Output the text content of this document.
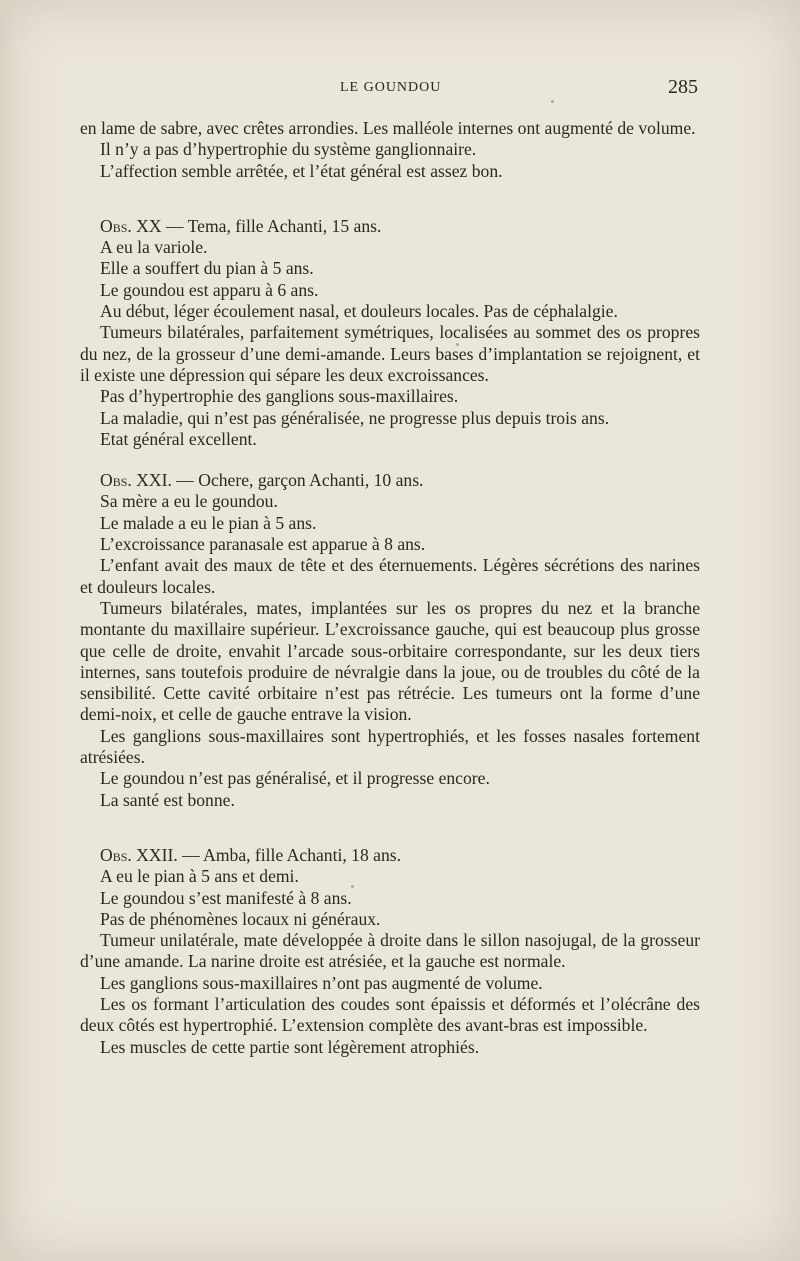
LE GOUNDOU	285

en lame de sabre, avec crêtes arrondies. Les malléole internes ont augmenté de volume.

Il n’y a pas d’hypertrophie du système ganglionnaire.

L’affection semble arrêtée, et l’état général est assez bon.

Obs. XX — Tema, fille Achanti, 15 ans.

A eu la variole.

Elle a souffert du pian à 5 ans.

Le goundou est apparu à 6 ans.

Au début, léger écoulement nasal, et douleurs locales. Pas de céphalalgie.

Tumeurs bilatérales, parfaitement symétriques, localisées au sommet des os propres du nez, de la grosseur d’une demi-amande. Leurs bases d’implantation se rejoignent, et il existe une dépression qui sépare les deux excroissances.

Pas d’hypertrophie des ganglions sous-maxillaires.

La maladie, qui n’est pas généralisée, ne progresse plus depuis trois ans.

Etat général excellent.

Obs. XXI. — Ochere, garçon Achanti, 10 ans.

Sa mère a eu le goundou.

Le malade a eu le pian à 5 ans.

L’excroissance paranasale est apparue à 8 ans.

L’enfant avait des maux de tête et des éternuements. Légères sécrétions des narines et douleurs locales.

Tumeurs bilatérales, mates, implantées sur les os propres du nez et la branche montante du maxillaire supérieur. L’excroissance gauche, qui est beaucoup plus grosse que celle de droite, envahit l’arcade sous-orbitaire correspondante, sur les deux tiers internes, sans toutefois produire de névralgie dans la joue, ou de troubles du côté de la sensibilité. Cette cavité orbitaire n’est pas rétrécie. Les tumeurs ont la forme d’une demi-noix, et celle de gauche entrave la vision.

Les ganglions sous-maxillaires sont hypertrophiés, et les fosses nasales fortement atrésiées.

Le goundou n’est pas généralisé, et il progresse encore.

La santé est bonne.

Obs. XXII. — Amba, fille Achanti, 18 ans.

A eu le pian à 5 ans et demi.

Le goundou s’est manifesté à 8 ans.

Pas de phénomènes locaux ni généraux.

Tumeur unilatérale, mate développée à droite dans le sillon nasojugal, de la grosseur d’une amande. La narine droite est atrésiée, et la gauche est normale.

Les ganglions sous-maxillaires n’ont pas augmenté de volume.

Les os formant l’articulation des coudes sont épaissis et déformés et l’olécrâne des deux côtés est hypertrophié. L’extension complète des avant-bras est impossible.

Les muscles de cette partie sont légèrement atrophiés.
